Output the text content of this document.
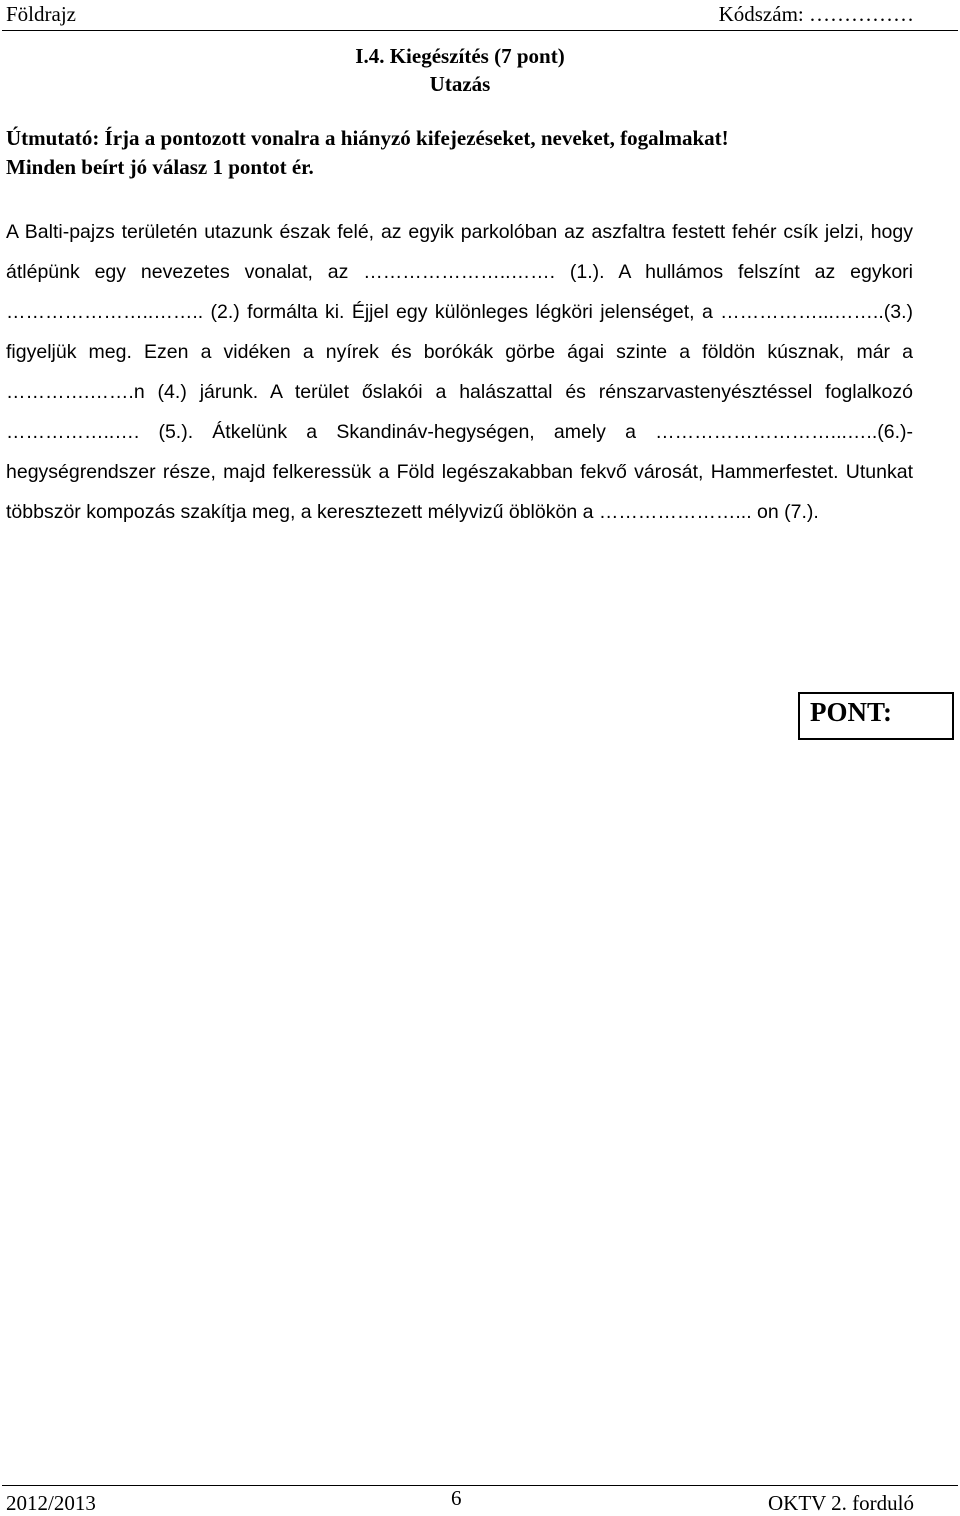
Földrajz	Kódszám: ……………
I.4. Kiegészítés (7 pont)
Utazás
Útmutató: Írja a pontozott vonalra a hiányzó kifejezéseket, neveket, fogalmakat!
Minden beírt jó válasz 1 pontot ér.
A Balti-pajzs területén utazunk észak felé, az egyik parkolóban az aszfaltra festett fehér csík jelzi, hogy átlépünk egy nevezetes vonalat, az …………………..……. (1.). A hullámos felszínt az egykori …………………..…….. (2.) formálta ki. Éjjel egy különleges légköri jelenséget, a ……………...……..(3.) figyeljük meg. Ezen a vidéken a nyírek és borókák görbe ágai szinte a földön kúsznak, már a ………….…….n (4.) járunk. A terület őslakói a halászattal és rénszarvastenyésztéssel foglalkozó ……………..…. (5.). Átkelünk a Skandináv-hegységen, amely a ………………………...…..(6.)-hegységrendszer része, majd felkeressük a Föld legészakabban fekvő városát, Hammerfestet. Utunkat többször kompozás szakítja meg, a keresztezett mélyvizű öblökön a …………………... on (7.).
PONT:
2012/2013	6	OKTV 2. forduló
